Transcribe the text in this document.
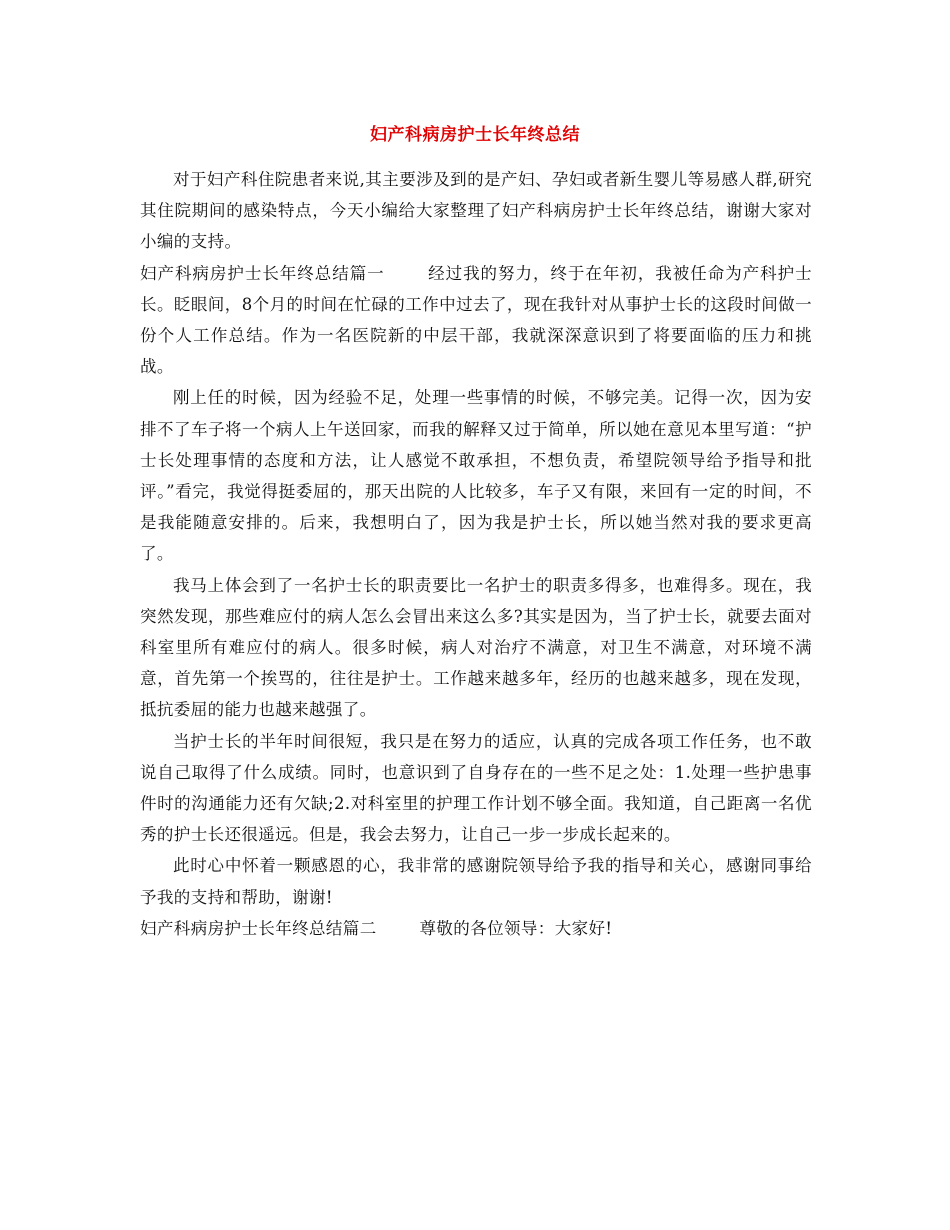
妇产科病房护士长年终总结

对于妇产科住院患者来说,其主要涉及到的是产妇、孕妇或者新生婴儿等易感人群,研究其住院期间的感染特点，今天小编给大家整理了妇产科病房护士长年终总结，谢谢大家对小编的支持。

妇产科病房护士长年终总结篇一	经过我的努力，终于在年初，我被任命为产科护士长。眨眼间，8个月的时间在忙碌的工作中过去了，现在我针对从事护士长的这段时间做一份个人工作总结。作为一名医院新的中层干部，我就深深意识到了将要面临的压力和挑战。

刚上任的时候，因为经验不足，处理一些事情的时候，不够完美。记得一次，因为安排不了车子将一个病人上午送回家，而我的解释又过于简单，所以她在意见本里写道：“护士长处理事情的态度和方法，让人感觉不敢承担，不想负责，希望院领导给予指导和批评。”看完，我觉得挺委屈的，那天出院的人比较多，车子又有限，来回有一定的时间，不是我能随意安排的。后来，我想明白了，因为我是护士长，所以她当然对我的要求更高了。

我马上体会到了一名护士长的职责要比一名护士的职责多得多，也难得多。现在，我突然发现，那些难应付的病人怎么会冒出来这么多?其实是因为，当了护士长，就要去面对科室里所有难应付的病人。很多时候，病人对治疗不满意，对卫生不满意，对环境不满意，首先第一个挨骂的，往往是护士。工作越来越多年，经历的也越来越多，现在发现，抵抗委屈的能力也越来越强了。

当护士长的半年时间很短，我只是在努力的适应，认真的完成各项工作任务，也不敢说自己取得了什么成绩。同时，也意识到了自身存在的一些不足之处：1.处理一些护患事件时的沟通能力还有欠缺;2.对科室里的护理工作计划不够全面。我知道，自己距离一名优秀的护士长还很遥远。但是，我会去努力，让自己一步一步成长起来的。

此时心中怀着一颗感恩的心，我非常的感谢院领导给予我的指导和关心，感谢同事给予我的支持和帮助，谢谢!

妇产科病房护士长年终总结篇二	尊敬的各位领导：大家好!
